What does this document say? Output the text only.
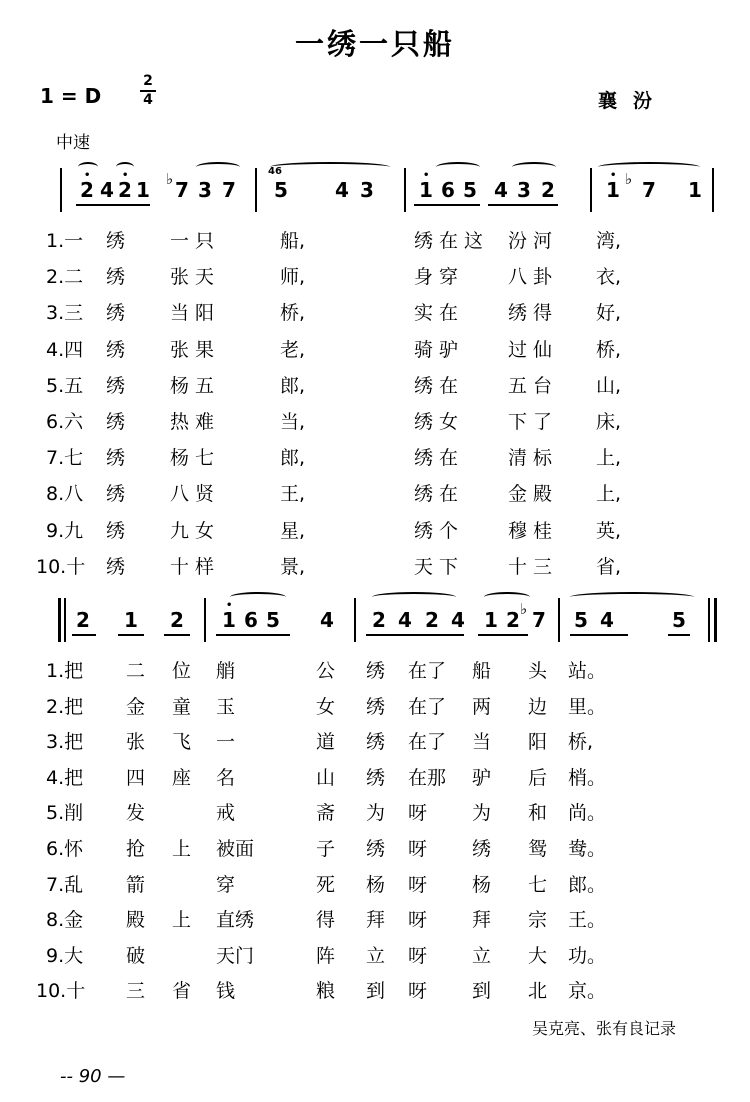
一绣一只船
1 = D
2
4	襄汾
中速
2
•
4 2
•
1 7 3 7 5 4 3 1
•
6 5 4 3 2	1
•
7 1
♭	♭
46
1.一 绣 一只	船,	绣在这 汾河 湾,
2.二 绣 张天	师,	身穿 八卦 衣,
3.三 绣 当阳	桥,	实在 绣得 好,
4.四 绣 张果	老,	骑驴 过仙 桥,
5.五 绣 杨五	郎,	绣在 五台 山,
6.六 绣 热难	当,	绣女 下了 床,
7.七 绣 杨七	郎,	绣在 清标 上,
8.八 绣 八贤	王,	绣在 金殿 上,
9.九 绣 九女	星,	绣个 穆桂 英,
10.十 绣 十样	景,	天下 十三 省,
2 1 2 1
•
6 5 4 2 4 2 4 1 2 7 5 4	5
♭
1.把 二 位 艄	公 绣 在了 船 头 站。
2.把 金 童 玉	女 绣 在了 两 边 里。
3.把 张 飞 一	道 绣 在了 当 阳 桥,
4.把 四 座 名	山 绣 在那 驴 后 梢。
5.削 发	戒	斋 为 呀 为 和 尚。
6.怀 抢 上 被面	子 绣 呀 绣 鸳 鸯。
7.乱 箭	穿	死 杨 呀 杨 七 郎。
8.金 殿 上 直绣	得 拜 呀 拜 宗 王。
9.大 破	天门	阵 立 呀 立 大 功。
10.十 三 省 钱	粮 到 呀 到 北 京。
吴克亮、张有良记录
-- 90 —
